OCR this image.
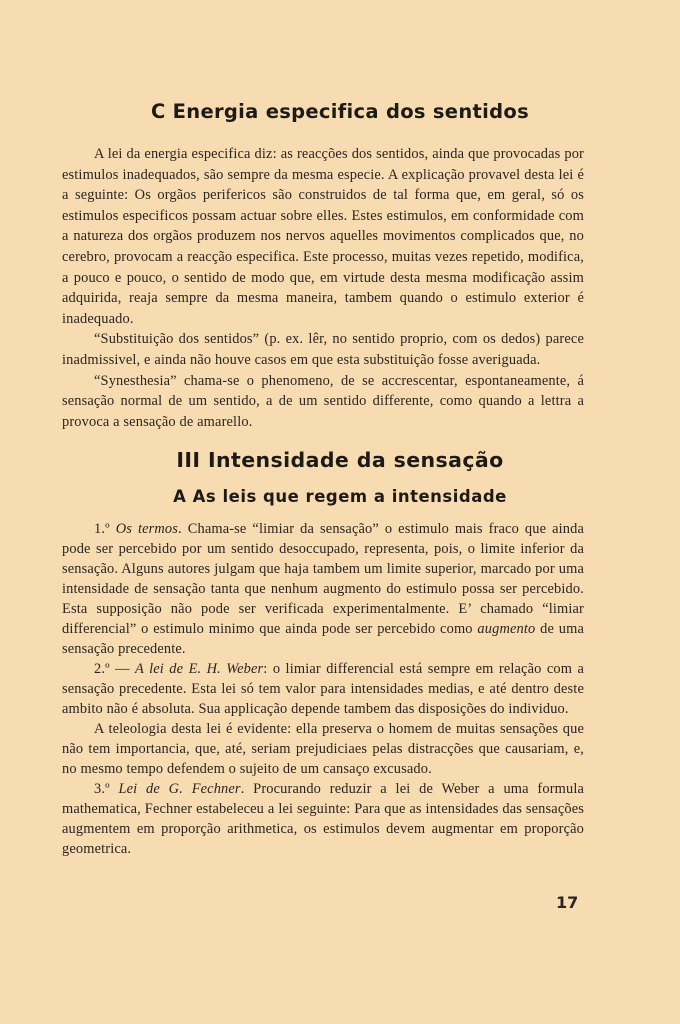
C Energia especifica dos sentidos

A lei da energia especifica diz: as reacções dos sentidos, ainda que provocadas por estimulos inadequados, são sempre da mesma especie. A explicação provavel desta lei é a seguinte: Os orgãos perifericos são construidos de tal forma que, em geral, só os estimulos especificos possam actuar sobre elles. Estes estimulos, em conformidade com a natureza dos orgãos produzem nos nervos aquelles movimentos complicados que, no cerebro, provocam a reacção especifica. Este processo, muitas vezes repetido, modifica, a pouco e pouco, o sentido de modo que, em virtude desta mesma modificação assim adquirida, reaja sempre da mesma maneira, tambem quando o estimulo exterior é inadequado.

“Substituição dos sentidos” (p. ex. lêr, no sentido proprio, com os dedos) parece inadmissivel, e ainda não houve casos em que esta substituição fosse averiguada.

“Synesthesia” chama-se o phenomeno, de se accrescentar, espontaneamente, á sensação normal de um sentido, a de um sentido differente, como quando a lettra a provoca a sensação de amarello.

III Intensidade da sensação
A As leis que regem a intensidade

1.º Os termos. Chama-se “limiar da sensação” o estimulo mais fraco que ainda pode ser percebido por um sentido desoccupado, representa, pois, o limite inferior da sensação. Alguns autores julgam que haja tambem um limite superior, marcado por uma intensidade de sensação tanta que nenhum augmento do estimulo possa ser percebido. Esta supposição não pode ser verificada experimentalmente. E’ chamado “limiar differencial” o estimulo minimo que ainda pode ser percebido como augmento de uma sensação precedente.

2.º — A lei de E. H. Weber: o limiar differencial está sempre em relação com a sensação precedente. Esta lei só tem valor para intensidades medias, e até dentro deste ambito não é absoluta. Sua applicação depende tambem das disposições do individuo.

A teleologia desta lei é evidente: ella preserva o homem de muitas sensações que não tem importancia, que, até, seriam prejudiciaes pelas distracções que causariam, e, no mesmo tempo defendem o sujeito de um cansaço excusado.

3.º Lei de G. Fechner. Procurando reduzir a lei de Weber a uma formula mathematica, Fechner estabeleceu a lei seguinte: Para que as intensidades das sensações augmentem em proporção arithmetica, os estimulos devem augmentar em proporção geometrica.

17
